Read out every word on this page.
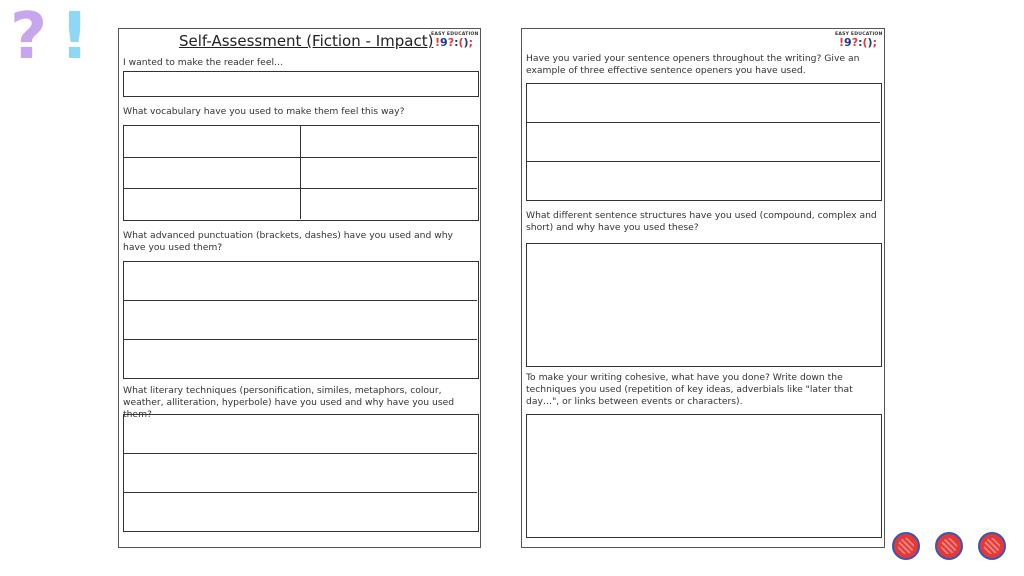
? !	Self-Assessment (Fiction - Impact)
EASY EDUCATION
!9?:();
I wanted to make the reader feel…
What vocabulary have you used to make them feel this way?
What advanced punctuation (brackets, dashes) have you used and why have you used them?
What literary techniques (personification, similes, metaphors, colour, weather, alliteration, hyperbole) have you used and why have you used them?
EASY EDUCATION
!9?:();
Have you varied your sentence openers throughout the writing? Give an example of three effective sentence openers you have used.
What different sentence structures have you used (compound, complex and short) and why have you used these?
To make your writing cohesive, what have you done? Write down the techniques you used (repetition of key ideas, adverbials like "later that day…", or links between events or characters).
